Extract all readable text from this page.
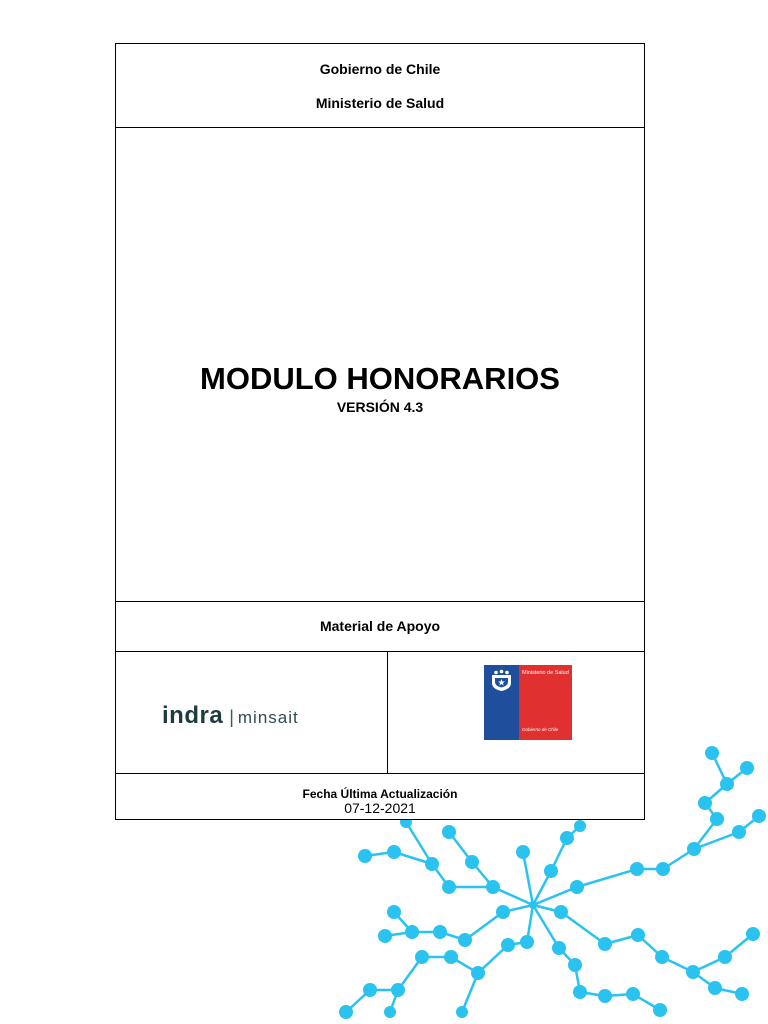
Gobierno de Chile
Ministerio de Salud
MODULO HONORARIOS
VERSIÓN 4.3
Material de Apoyo
indra | minsait
Ministerio de Salud
Gobierno de Chile
Fecha Última Actualización
07-12-2021
